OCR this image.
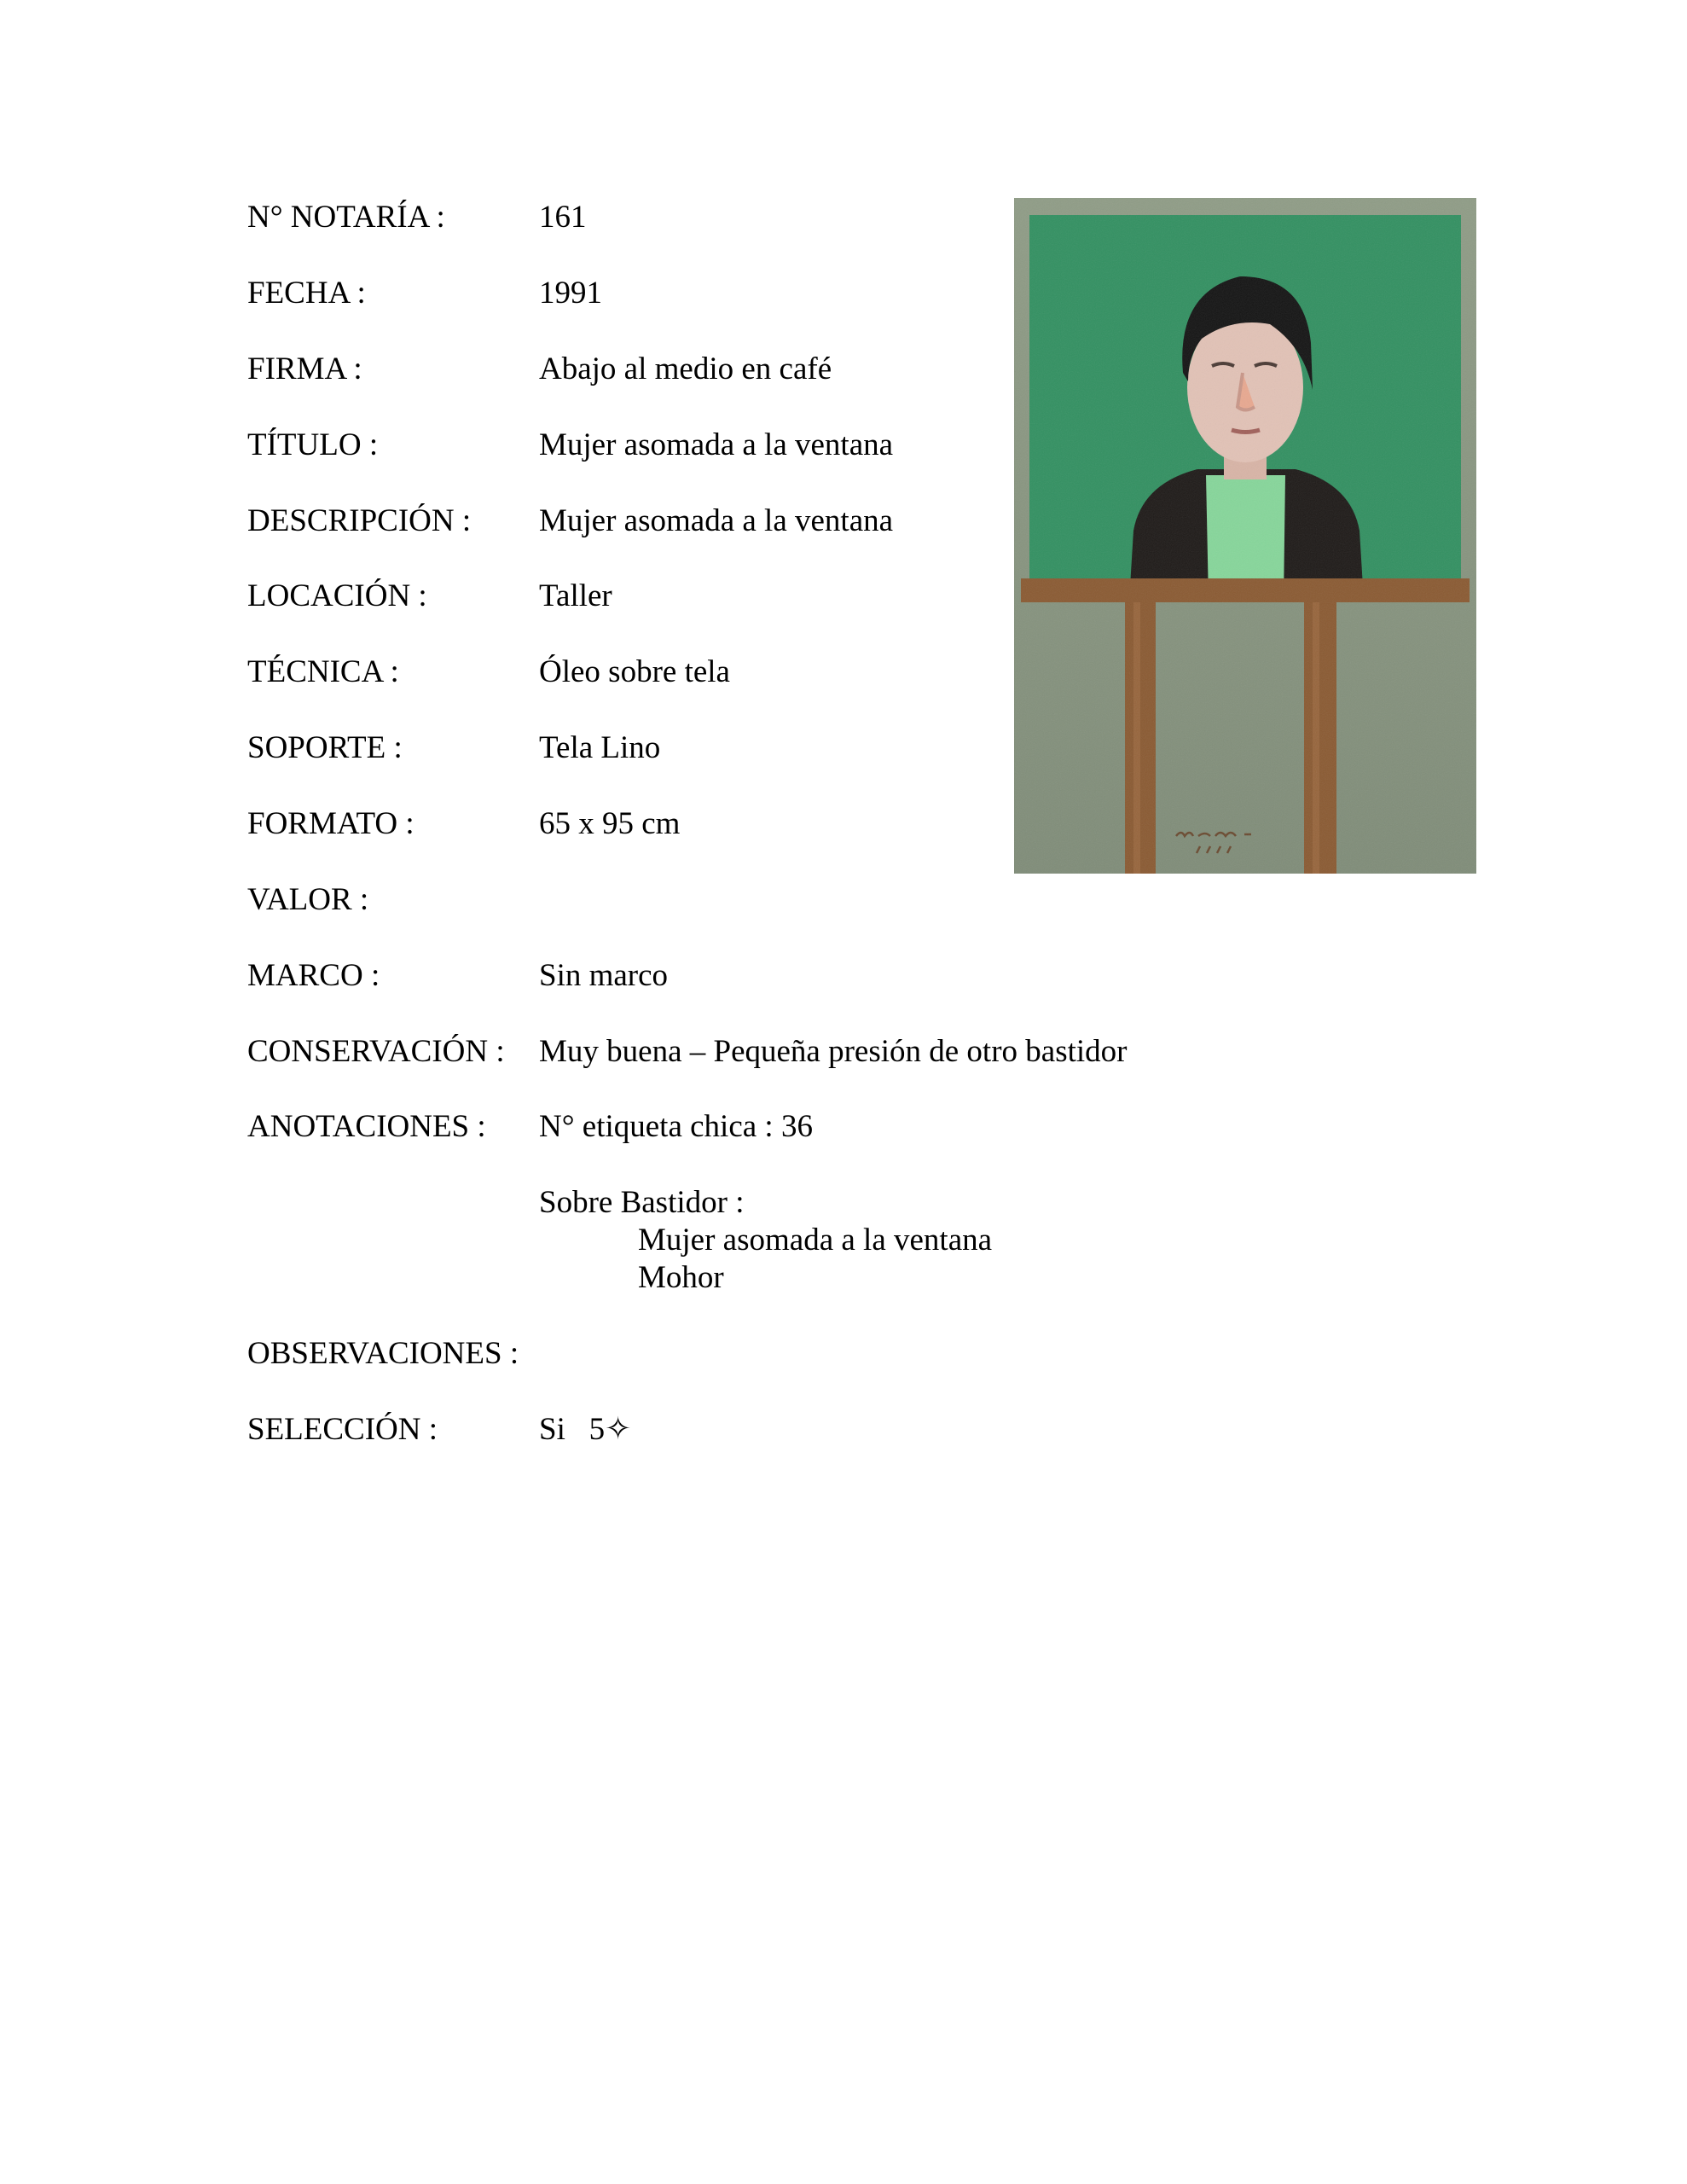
N° NOTARÍA :	161
FECHA :	1991
FIRMA :	Abajo al medio en café
TÍTULO :	Mujer asomada a la ventana
DESCRIPCIÓN :	Mujer asomada a la ventana
LOCACIÓN :	Taller
TÉCNICA :	Óleo sobre tela
SOPORTE :	Tela Lino
FORMATO :	65 x 95 cm
VALOR :
MARCO :	Sin marco
CONSERVACIÓN :	Muy buena – Pequeña presión de otro bastidor
ANOTACIONES :	N° etiqueta chica : 36
Sobre Bastidor :
Mujer asomada a la ventana
Mohor
OBSERVACIONES :
SELECCIÓN :	Si   5✧
